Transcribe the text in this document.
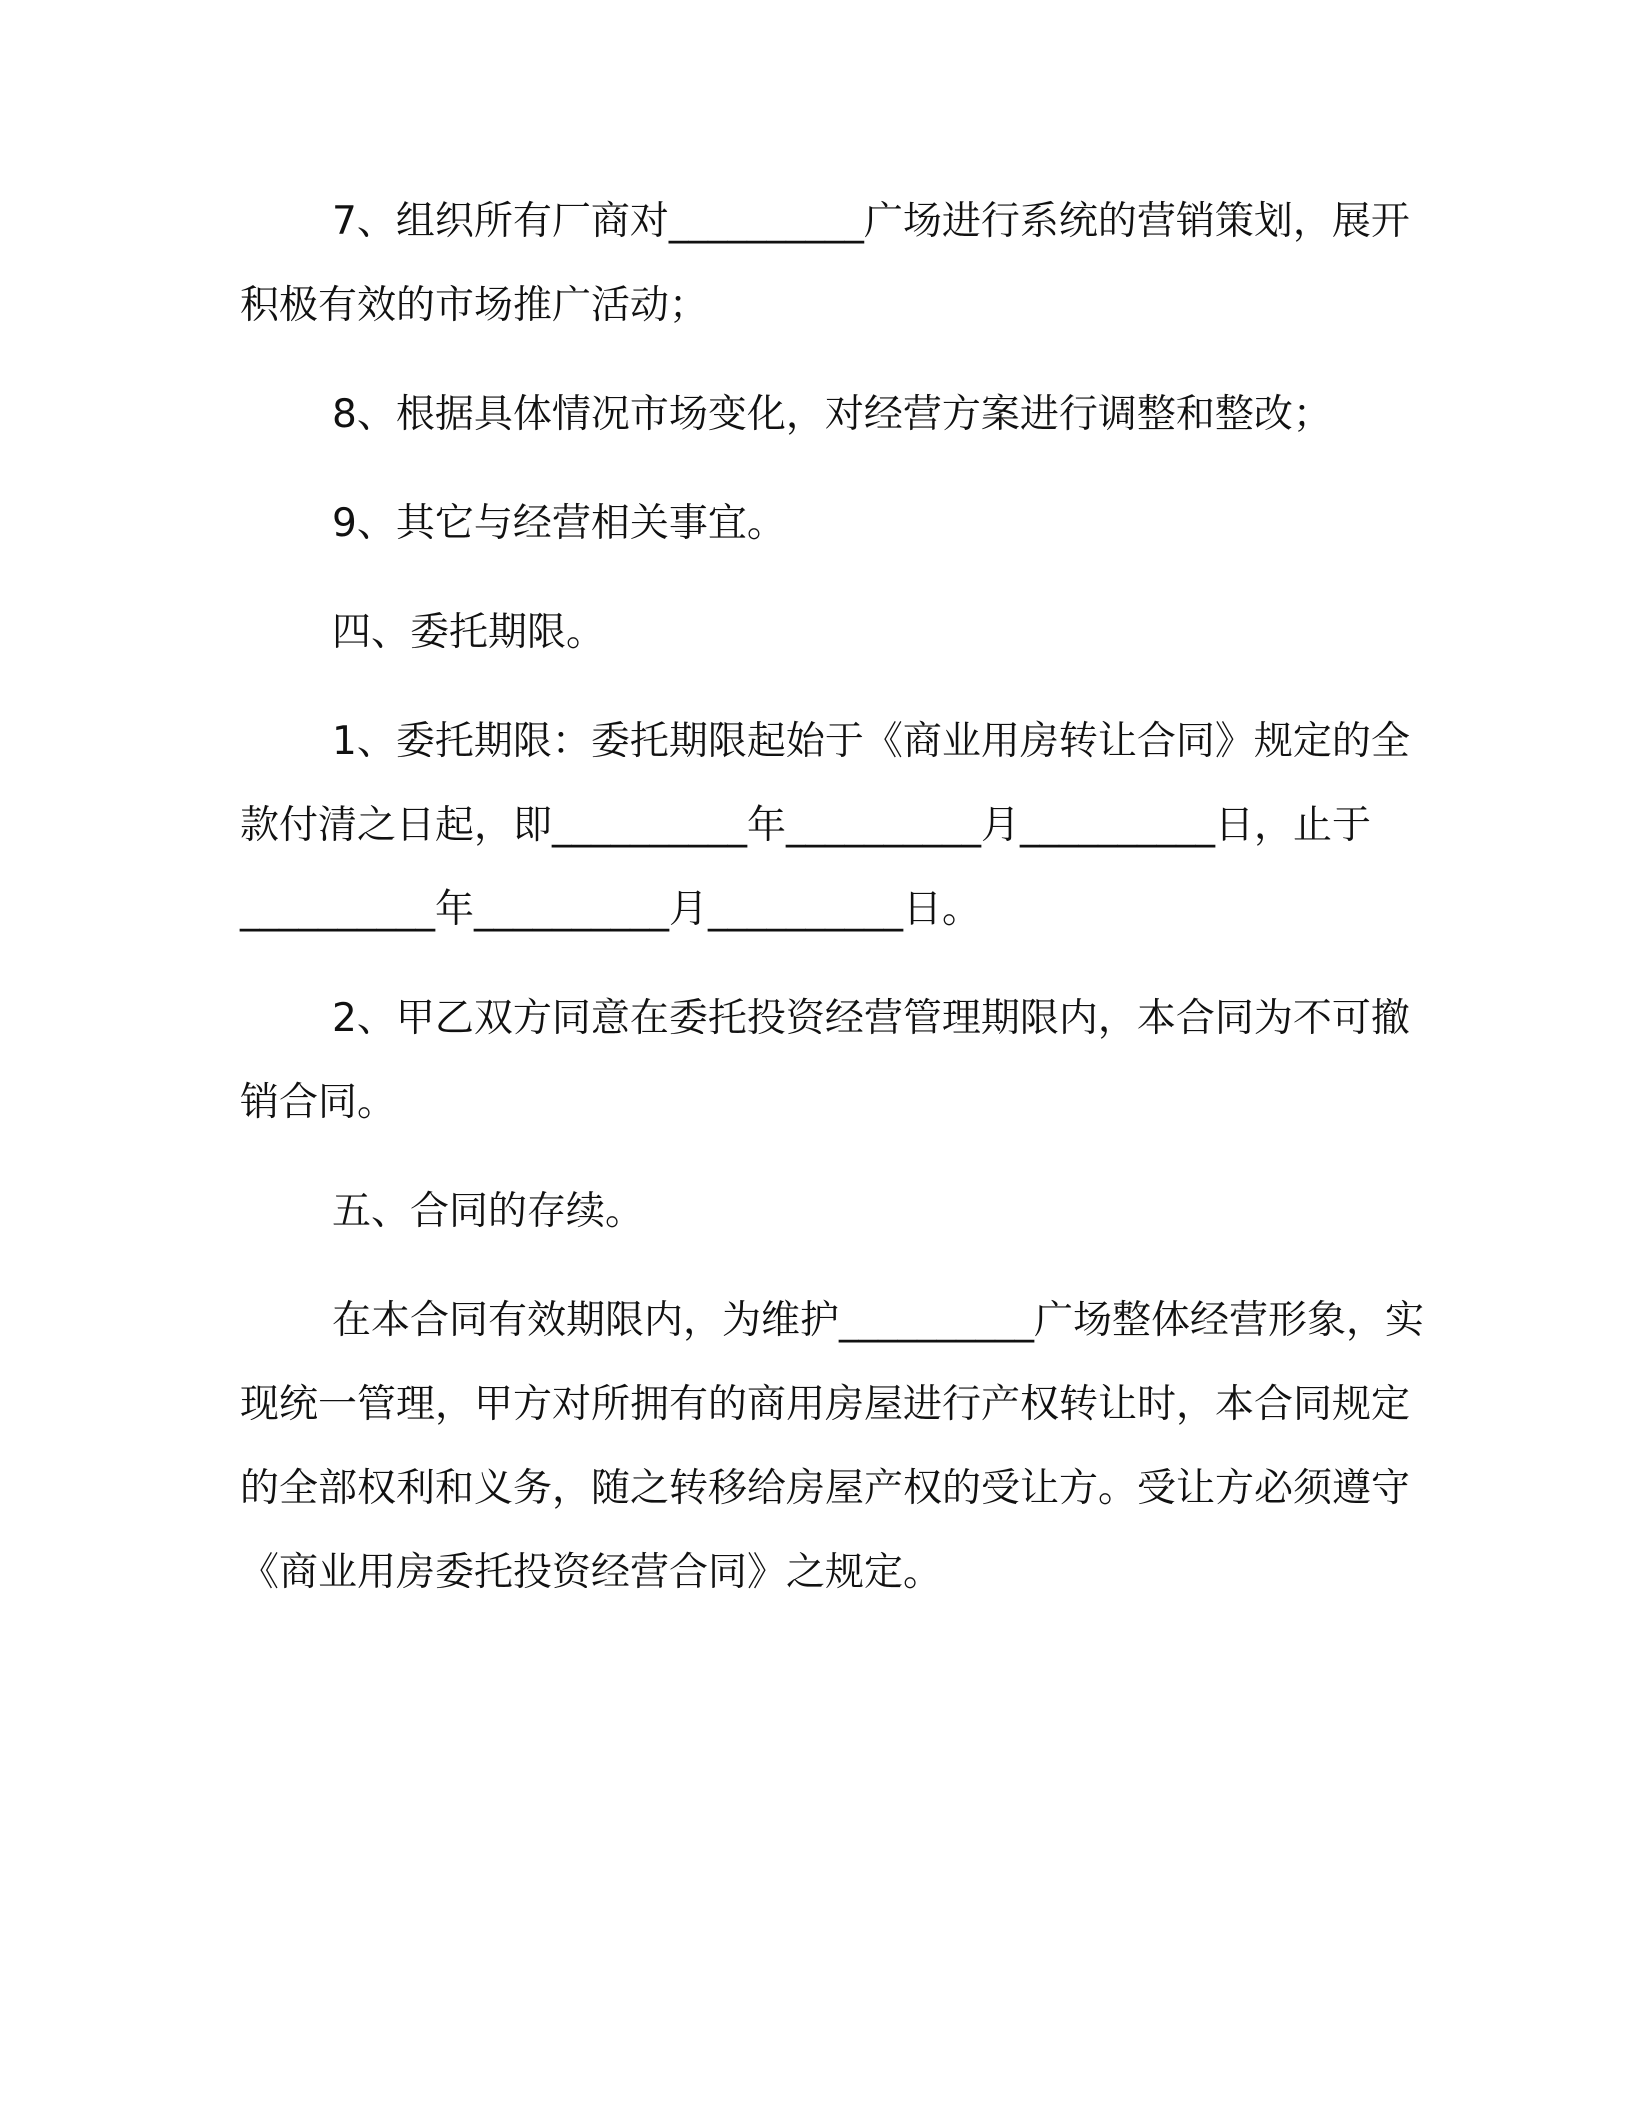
7、组织所有厂商对__________广场进行系统的营销策划，展开
积极有效的市场推广活动；

8、根据具体情况市场变化，对经营方案进行调整和整改；

9、其它与经营相关事宜。

四、委托期限。

1、委托期限：委托期限起始于《商业用房转让合同》规定的全
款付清之日起，即__________年__________月__________日，止于
__________年__________月__________日。

2、甲乙双方同意在委托投资经营管理期限内，本合同为不可撤
销合同。

五、合同的存续。

在本合同有效期限内，为维护__________广场整体经营形象，实
现统一管理，甲方对所拥有的商用房屋进行产权转让时，本合同规定
的全部权利和义务，随之转移给房屋产权的受让方。受让方必须遵守
《商业用房委托投资经营合同》之规定。
